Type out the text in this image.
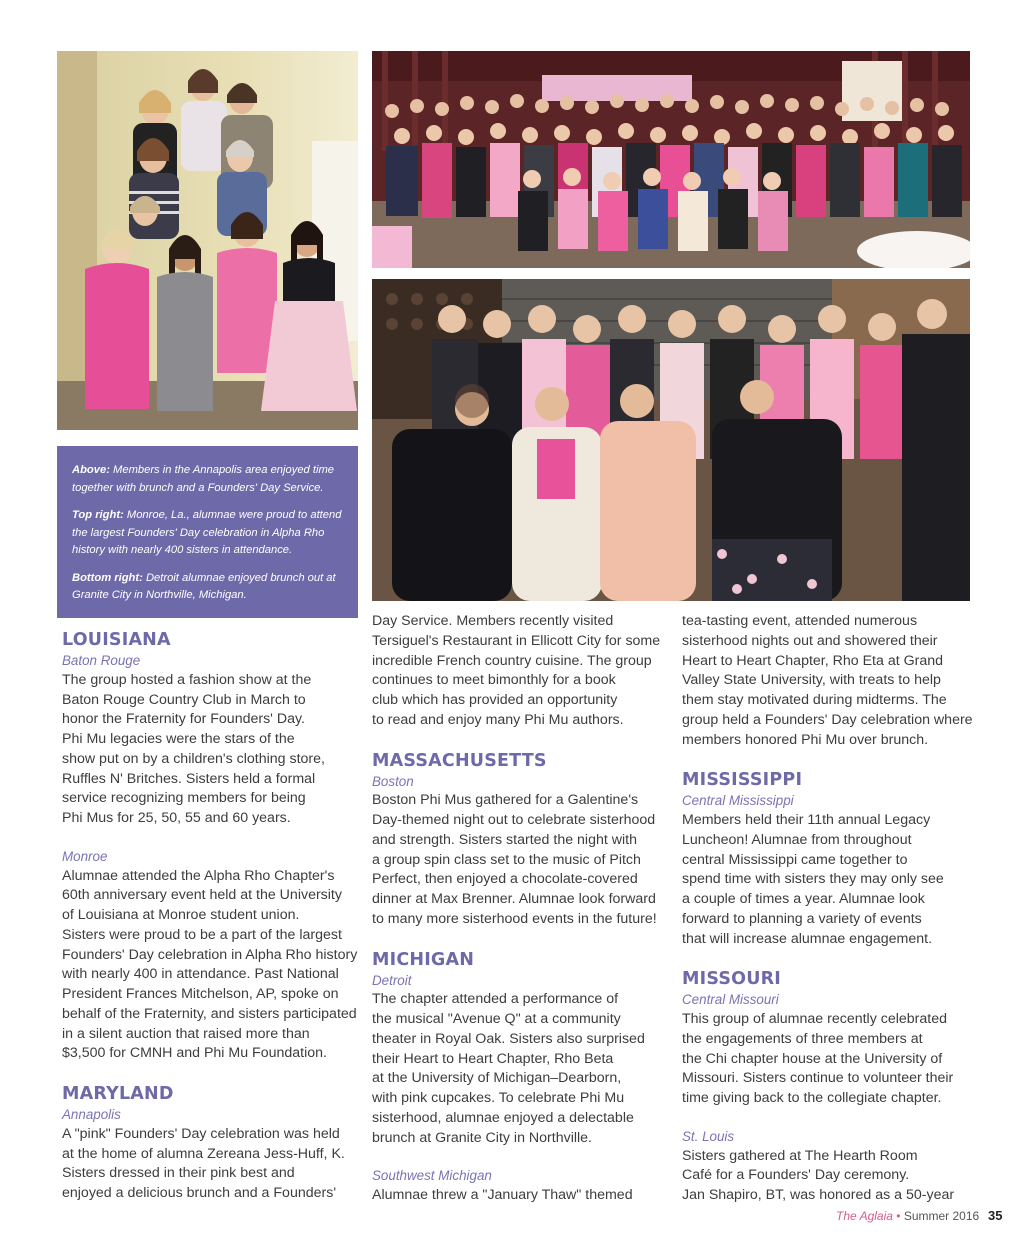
Above: Members in the Annapolis area enjoyed time together with brunch and a Founders' Day Service.

Top right: Monroe, La., alumnae were proud to attend the largest Founders' Day celebration in Alpha Rho history with nearly 400 sisters in attendance.

Bottom right: Detroit alumnae enjoyed brunch out at Granite City in Northville, Michigan.

LOUISIANA

Baton Rouge

The group hosted a fashion show at the

Baton Rouge Country Club in March to

honor the Fraternity for Founders' Day.

Phi Mu legacies were the stars of the

show put on by a children's clothing store,

Ruffles N' Britches. Sisters held a formal

service recognizing members for being

Phi Mus for 25, 50, 55 and 60 years.

Monroe

Alumnae attended the Alpha Rho Chapter's

60th anniversary event held at the University

of Louisiana at Monroe student union.

Sisters were proud to be a part of the largest

Founders' Day celebration in Alpha Rho history

with nearly 400 in attendance. Past National

President Frances Mitchelson, AP, spoke on

behalf of the Fraternity, and sisters participated

in a silent auction that raised more than

$3,500 for CMNH and Phi Mu Foundation.

MARYLAND

Annapolis

A "pink" Founders' Day celebration was held

at the home of alumna Zereana Jess-Huff, K.

Sisters dressed in their pink best and

enjoyed a delicious brunch and a Founders'

Day Service. Members recently visited

Tersiguel's Restaurant in Ellicott City for some

incredible French country cuisine. The group

continues to meet bimonthly for a book

club which has provided an opportunity

to read and enjoy many Phi Mu authors.

MASSACHUSETTS

Boston

Boston Phi Mus gathered for a Galentine's

Day-themed night out to celebrate sisterhood

and strength. Sisters started the night with

a group spin class set to the music of Pitch

Perfect, then enjoyed a chocolate-covered

dinner at Max Brenner. Alumnae look forward

to many more sisterhood events in the future!

MICHIGAN

Detroit

The chapter attended a performance of

the musical "Avenue Q" at a community

theater in Royal Oak. Sisters also surprised

their Heart to Heart Chapter, Rho Beta

at the University of Michigan–Dearborn,

with pink cupcakes. To celebrate Phi Mu

sisterhood, alumnae enjoyed a delectable

brunch at Granite City in Northville.

Southwest Michigan

Alumnae threw a "January Thaw" themed

tea-tasting event, attended numerous

sisterhood nights out and showered their

Heart to Heart Chapter, Rho Eta at Grand

Valley State University, with treats to help

them stay motivated during midterms. The

group held a Founders' Day celebration where

members honored Phi Mu over brunch.

MISSISSIPPI

Central Mississippi

Members held their 11th annual Legacy

Luncheon! Alumnae from throughout

central Mississippi came together to

spend time with sisters they may only see

a couple of times a year. Alumnae look

forward to planning a variety of events

that will increase alumnae engagement.

MISSOURI

Central Missouri

This group of alumnae recently celebrated

the engagements of three members at

the Chi chapter house at the University of

Missouri. Sisters continue to volunteer their

time giving back to the collegiate chapter.

St. Louis

Sisters gathered at The Hearth Room

Café for a Founders' Day ceremony.

Jan Shapiro, BT, was honored as a 50-year

The Aglaia • Summer 2016 35
